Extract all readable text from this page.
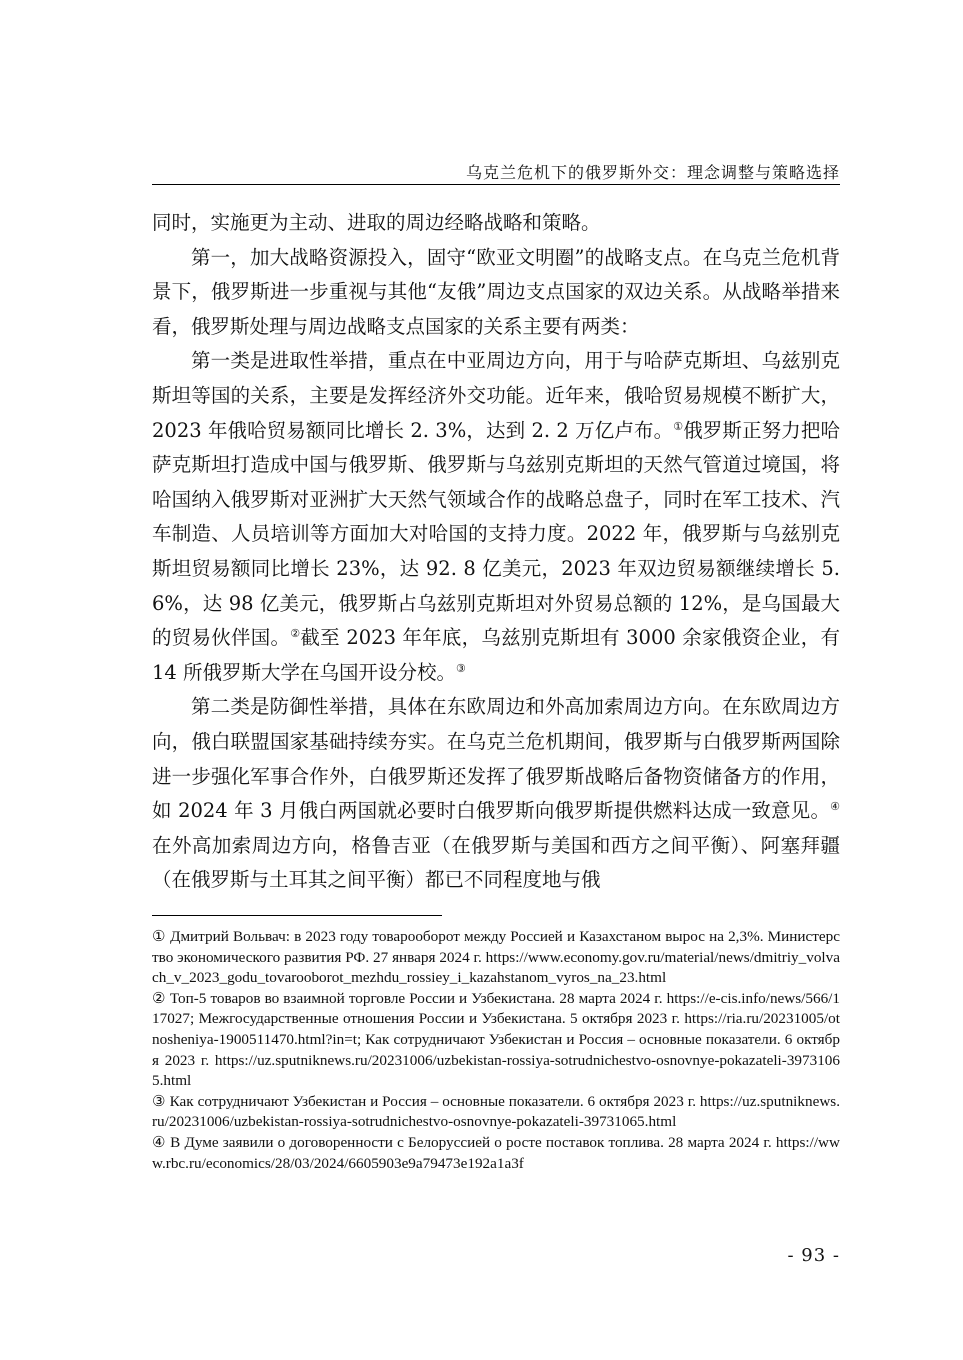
乌克兰危机下的俄罗斯外交：理念调整与策略选择

同时，实施更为主动、进取的周边经略战略和策略。

第一，加大战略资源投入，固守“欧亚文明圈”的战略支点。在乌克兰危机背景下，俄罗斯进一步重视与其他“友俄”周边支点国家的双边关系。从战略举措来看，俄罗斯处理与周边战略支点国家的关系主要有两类：

第一类是进取性举措，重点在中亚周边方向，用于与哈萨克斯坦、乌兹别克斯坦等国的关系，主要是发挥经济外交功能。近年来，俄哈贸易规模不断扩大，2023 年俄哈贸易额同比增长 2. 3%，达到 2. 2 万亿卢布。①俄罗斯正努力把哈萨克斯坦打造成中国与俄罗斯、俄罗斯与乌兹别克斯坦的天然气管道过境国，将哈国纳入俄罗斯对亚洲扩大天然气领域合作的战略总盘子，同时在军工技术、汽车制造、人员培训等方面加大对哈国的支持力度。2022 年，俄罗斯与乌兹别克斯坦贸易额同比增长 23%，达 92. 8 亿美元，2023 年双边贸易额继续增长 5. 6%，达 98 亿美元，俄罗斯占乌兹别克斯坦对外贸易总额的 12%，是乌国最大的贸易伙伴国。②截至 2023 年年底，乌兹别克斯坦有 3000 余家俄资企业，有 14 所俄罗斯大学在乌国开设分校。③

第二类是防御性举措，具体在东欧周边和外高加索周边方向。在东欧周边方向，俄白联盟国家基础持续夯实。在乌克兰危机期间，俄罗斯与白俄罗斯两国除进一步强化军事合作外，白俄罗斯还发挥了俄罗斯战略后备物资储备方的作用，如 2024 年 3 月俄白两国就必要时白俄罗斯向俄罗斯提供燃料达成一致意见。④在外高加索周边方向，格鲁吉亚（在俄罗斯与美国和西方之间平衡）、阿塞拜疆（在俄罗斯与土耳其之间平衡）都已不同程度地与俄

① Дмитрий Вольвач: в 2023 году товарооборот между Россией и Казахстаном вырос на 2,3%. Министерство экономического развития РФ. 27 января 2024 г. https://www.economy.gov.ru/material/news/dmitriy_volvach_v_2023_godu_tovarooborot_mezhdu_rossiey_i_kazahstanom_vyros_na_23.html

② Топ-5 товаров во взаимной торговле России и Узбекистана. 28 марта 2024 г. https://e-cis.info/news/566/117027; Межгосударственные отношения России и Узбекистана. 5 октября 2023 г. https://ria.ru/20231005/otnosheniya-1900511470.html?in=t; Как сотрудничают Узбекистан и Россия – основные показатели. 6 октября 2023 г. https://uz.sputniknews.ru/20231006/uzbekistan-rossiya-sotrudnichestvo-osnovnye-pokazateli-39731065.html

③ Как сотрудничают Узбекистан и Россия – основные показатели. 6 октября 2023 г. https://uz.sputniknews.ru/20231006/uzbekistan-rossiya-sotrudnichestvo-osnovnye-pokazateli-39731065.html

④ В Думе заявили о договоренности с Белоруссией о росте поставок топлива. 28 марта 2024 г. https://www.rbc.ru/economics/28/03/2024/6605903e9a79473e192a1a3f

- 93 -
